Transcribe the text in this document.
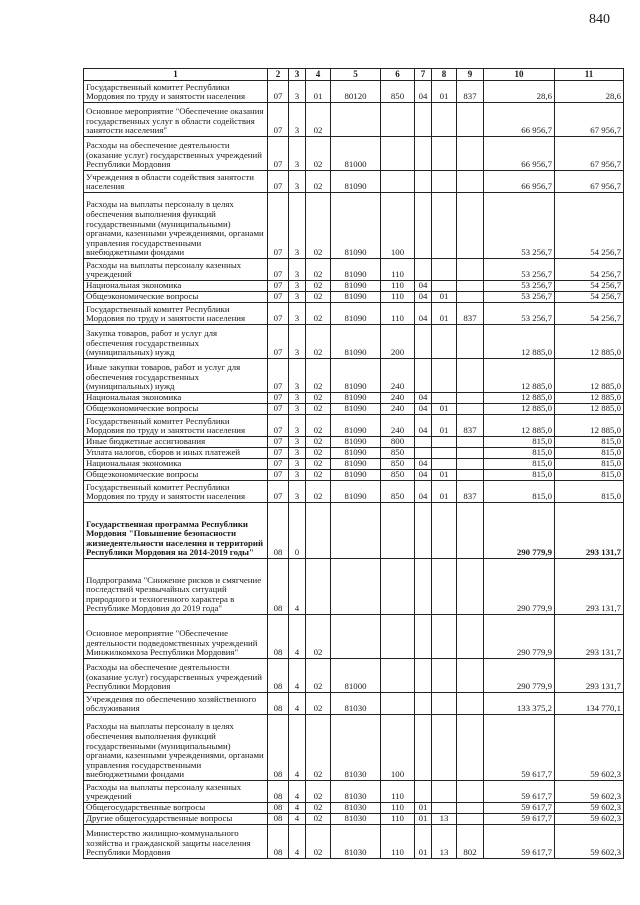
840
1	2	3	4	5	6	7	8	9	10	11
Государственный комитет Республики Мордовия по труду и занятости населения	07	3	01	80120	850	04	01	837	28,6	28,6
Основное мероприятие "Обеспечение оказания государственных услуг в области содействия занятости населения"	07	3	02						66 956,7	67 956,7
Расходы на обеспечение деятельности (оказание услуг) государственных учреждений Республики Мордовия	07	3	02	81000					66 956,7	67 956,7
Учреждения в области содействия занятости населения	07	3	02	81090					66 956,7	67 956,7
Расходы на выплаты персоналу в целях обеспечения выполнения функций государственными (муниципальными) органами, казенными учреждениями, органами управления государственными внебюджетными фондами	07	3	02	81090	100				53 256,7	54 256,7
Расходы на выплаты персоналу казенных учреждений	07	3	02	81090	110				53 256,7	54 256,7
Национальная экономика	07	3	02	81090	110	04			53 256,7	54 256,7
Общеэкономические вопросы	07	3	02	81090	110	04	01		53 256,7	54 256,7
Государственный комитет Республики Мордовия по труду и занятости населения	07	3	02	81090	110	04	01	837	53 256,7	54 256,7
Закупка товаров, работ и услуг для обеспечения государственных (муниципальных) нужд	07	3	02	81090	200				12 885,0	12 885,0
Иные закупки товаров, работ и услуг для обеспечения государственных (муниципальных) нужд	07	3	02	81090	240				12 885,0	12 885,0
Национальная экономика	07	3	02	81090	240	04			12 885,0	12 885,0
Общеэкономические вопросы	07	3	02	81090	240	04	01		12 885,0	12 885,0
Государственный комитет Республики Мордовия по труду и занятости населения	07	3	02	81090	240	04	01	837	12 885,0	12 885,0
Иные бюджетные ассигнования	07	3	02	81090	800				815,0	815,0
Уплата налогов, сборов и иных платежей	07	3	02	81090	850				815,0	815,0
Национальная экономика	07	3	02	81090	850	04			815,0	815,0
Общеэкономические вопросы	07	3	02	81090	850	04	01		815,0	815,0
Государственный комитет Республики Мордовия по труду и занятости населения	07	3	02	81090	850	04	01	837	815,0	815,0
Государственная программа Республики Мордовия "Повышение безопасности жизнедеятельности населения и территорий Республики Мордовия на 2014-2019 годы"	08	0							290 779,9	293 131,7
Подпрограмма "Снижение рисков и смягчение последствий чрезвычайных ситуаций природного и техногенного характера в Республике Мордовия до 2019 года"	08	4							290 779,9	293 131,7
Основное мероприятие "Обеспечение деятельности подведомственных учреждений Минжилкомхоза Республики Мордовия"	08	4	02						290 779,9	293 131,7
Расходы на обеспечение деятельности (оказание услуг) государственных учреждений Республики Мордовия	08	4	02	81000					290 779,9	293 131,7
Учреждения по обеспечению хозяйственного обслуживания	08	4	02	81030					133 375,2	134 770,1
Расходы на выплаты персоналу в целях обеспечения выполнения функций государственными (муниципальными) органами, казенными учреждениями, органами управления государственными внебюджетными фондами	08	4	02	81030	100				59 617,7	59 602,3
Расходы на выплаты персоналу казенных учреждений	08	4	02	81030	110				59 617,7	59 602,3
Общегосударственные вопросы	08	4	02	81030	110	01			59 617,7	59 602,3
Другие общегосударственные вопросы	08	4	02	81030	110	01	13		59 617,7	59 602,3
Министерство жилищно-коммунального хозяйства и гражданской защиты населения Республики Мордовия	08	4	02	81030	110	01	13	802	59 617,7	59 602,3
